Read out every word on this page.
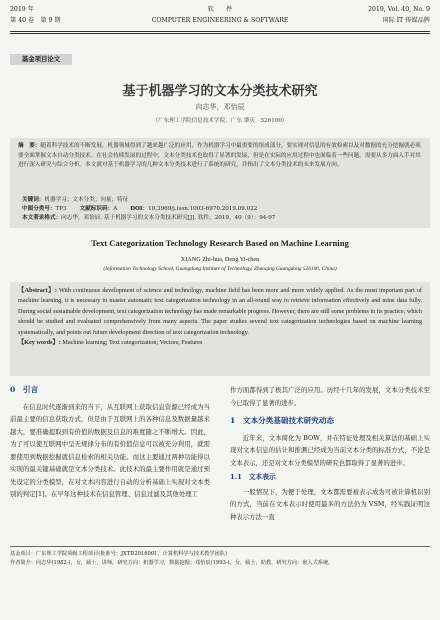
2019 年
第 40 卷　第 9 期
软　　件
COMPUTER ENGINEERING & SOFTWARE
2019, Vol. 40, No. 9
国际 IT 传媒品牌
基金项目论文
基于机器学习的文本分类技术研究
向志华，邓怡辰
（广东理工学院信息技术学院，广东 肇庆　526100）
摘　要：随着科学技术的不断发展，机器领域得到了越来越广泛的应用，作为机器学习中最重要的组成部分，要实现对信息的有效检索以及对数据的充分挖掘就必须要全面掌握文本自动分类技术。在社会持续发展的过程中，文本分类技术也取得了显著的发展，但是在实际的应用过程中也面临着一些问题。需要从多方面入手对其进行深入研究与综合分析。本文就对基于机器学习的几种文本分类技术进行了系统的研究，并指出了文本分类技术的未来发展方向。
关键词：机器学习；文本分类；向量；特征
中图分类号：TP3   文献标识码：A   DOI：10.3969/j.issn.1003-6970.2019.09.022
本文著录格式：向志华，邓怡辰. 基于机器学习的文本分类技术研究[J]. 软件，2019，40（9）：94-97
Text Categorization Technology Research Based on Machine Learning
XIANG Zhi-hua, Deng Yi-chen
(Information Technology School, Guangdong Institute of Technology, Zhaoqing Guangdong 526100, China)
【Abstract】: With continuous development of science and technology, machine field has been more and more widely applied. As the most important part of machine learning, it is necessary to master automatic text categorization technology in an all-round way to retrieve information effectively and mine data fully. During social sustainable development, text categorization technology has made remarkable progress. However, there are still some problems in its practice, which should be studied and evaluated comprehensively from many aspects. The paper studies several text categorization technologies based on machine learning systematically, and points out future development direction of text categorization technology.
【Key words】: Machine learning; Text categorization; Vectors; Features
0　引言

在信息时代逐渐到来的当下，从互联网上获取信息资源已经成为当前最主要的信息获取方式，但是由于互联网上的各种信息及数据量越来越大，要准确提取到有价值的数据及信息的难度随之不断增大。因此，为了可以使互联网中呈无规律分布的有价值信息可以被充分利用，就需要使用到数据挖掘就信息检索的相关功能。而这主要通过两种功能得以实现的最关键基础就是文本分类技术。此技术的最主要作用就是通过预先设定的分类模型，在对文本内容进行自动的分析基础上实现对文本类别的判定[1]。在早年这种技术在信息管理、信息过滤及其他处理工

作方面都得到了极其广泛的应用。历经十几年的发展，文本分类技术至今已取得了显著的进步。

1　文本分类基础技术研究动态

近年来，文本简化为 BOW，并在特征处理及相关算法的基础上实现对文本信息的估计和推测已经成为当前文本分类的标准方式，不论是文本表示，还是对文本分类模型的研究也都取得了显著的进步。

1.1　文本表示

一般情况下，为便于处理，文本都需要被表示成为可被计算机识别的方式，当前在文本表示时使用最多的方法仍为 VSM，经实践证明这种表示方法一直

基金项目：广东理工学院项级工程项目(批准号：JXTD2016001，计算机科学与技术教学团队)
作者简介：向志华(1982-)，女，硕士，讲师，研究方向：机器学习，数据挖掘；邓怡辰(1993-)，女，硕士，助教，研究方向：嵌入式系统。
